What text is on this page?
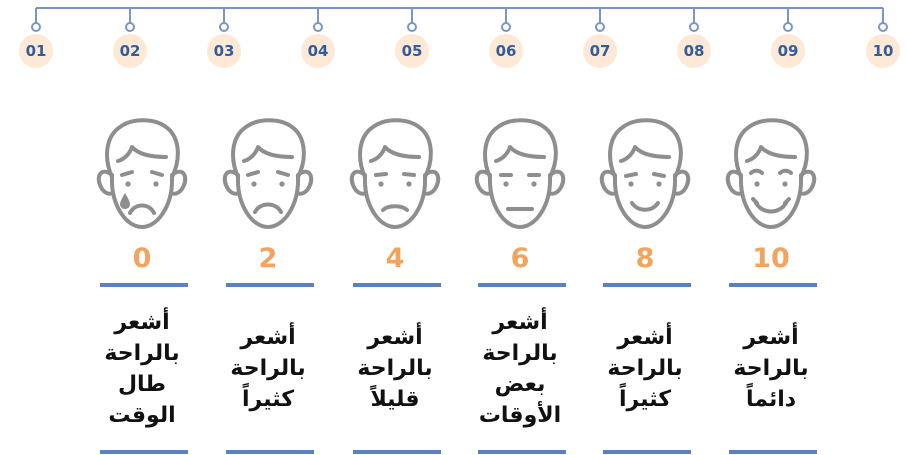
01	02	03	04	05	06	07	08	09	10
0
أشعر
بالراحة
طال
الوقت
2
أشعر
بالراحة
كثيراً
4
أشعر
بالراحة
قليلاً
6
أشعر
بالراحة
بعض
الأوقات
8
أشعر
بالراحة
كثيراً
10
أشعر
بالراحة
دائماً
